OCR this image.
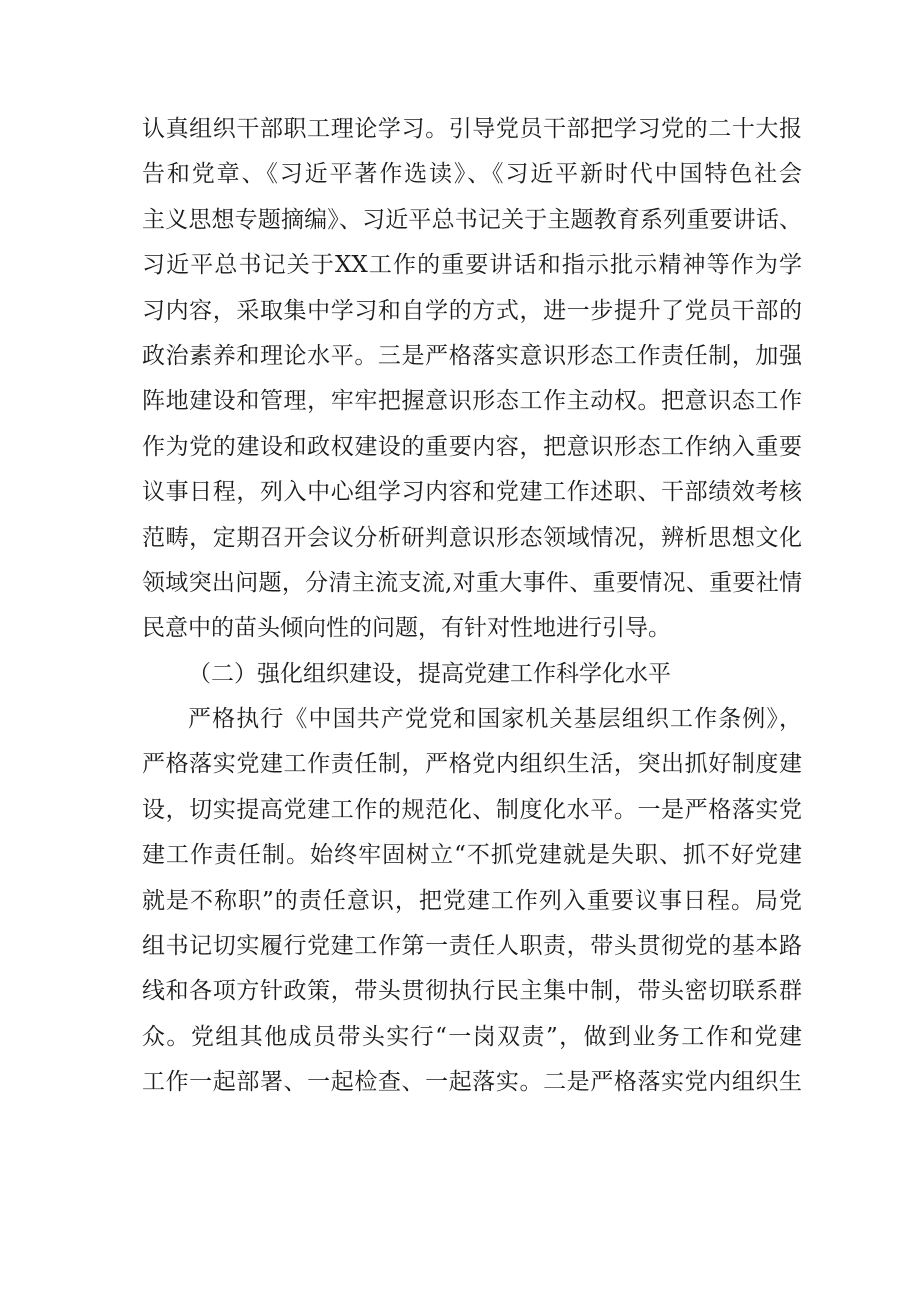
认真组织干部职工理论学习。引导党员干部把学习党的二十大报
告和党章、《习近平著作选读》、《习近平新时代中国特色社会
主义思想专题摘编》、习近平总书记关于主题教育系列重要讲话、
习近平总书记关于XX工作的重要讲话和指示批示精神等作为学
习内容，采取集中学习和自学的方式，进一步提升了党员干部的
政治素养和理论水平。三是严格落实意识形态工作责任制，加强
阵地建设和管理，牢牢把握意识形态工作主动权。把意识态工作
作为党的建设和政权建设的重要内容，把意识形态工作纳入重要
议事日程，列入中心组学习内容和党建工作述职、干部绩效考核
范畴，定期召开会议分析研判意识形态领域情况，辨析思想文化
领域突出问题，分清主流支流,对重大事件、重要情况、重要社情
民意中的苗头倾向性的问题，有针对性地进行引导。
（二）强化组织建设，提高党建工作科学化水平
严格执行《中国共产党党和国家机关基层组织工作条例》，
严格落实党建工作责任制，严格党内组织生活，突出抓好制度建
设，切实提高党建工作的规范化、制度化水平。一是严格落实党
建工作责任制。始终牢固树立“不抓党建就是失职、抓不好党建
就是不称职”的责任意识，把党建工作列入重要议事日程。局党
组书记切实履行党建工作第一责任人职责，带头贯彻党的基本路
线和各项方针政策，带头贯彻执行民主集中制，带头密切联系群
众。党组其他成员带头实行“一岗双责”，做到业务工作和党建
工作一起部署、一起检查、一起落实。二是严格落实党内组织生
